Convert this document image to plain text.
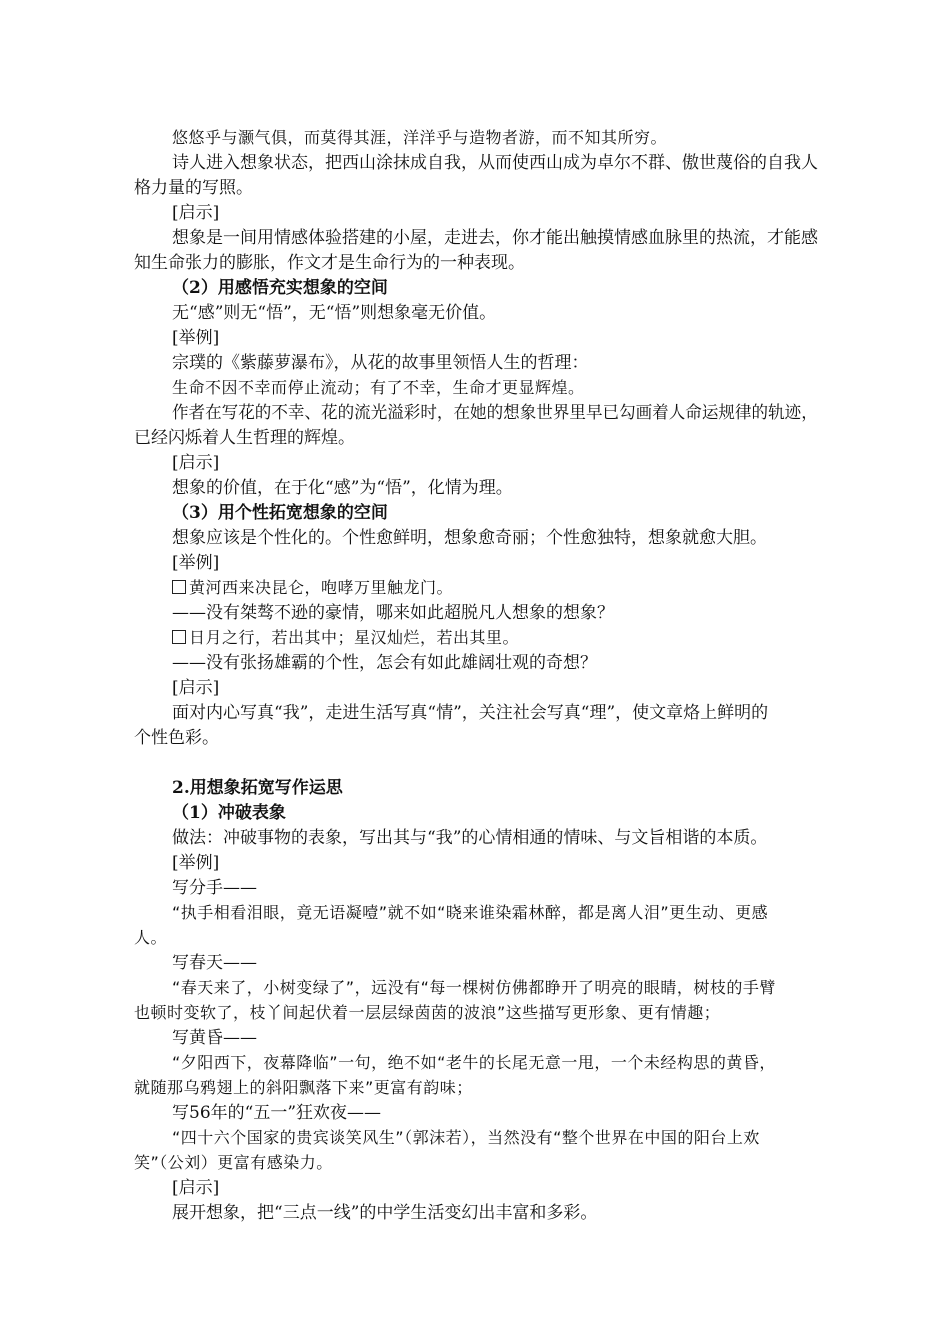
悠悠乎与灏气俱，而莫得其涯，洋洋乎与造物者游，而不知其所穷。
诗人进入想象状态，把西山涂抹成自我，从而使西山成为卓尔不群、傲世蔑俗的自我人
格力量的写照。
[启示]
想象是一间用情感体验搭建的小屋，走进去，你才能出触摸情感血脉里的热流，才能感
知生命张力的膨胀，作文才是生命行为的一种表现。
（2）用感悟充实想象的空间
无“感”则无“悟”，无“悟”则想象毫无价值。
[举例]
宗璞的《紫藤萝瀑布》，从花的故事里领悟人生的哲理：
生命不因不幸而停止流动；有了不幸，生命才更显辉煌。
作者在写花的不幸、花的流光溢彩时，在她的想象世界里早已勾画着人命运规律的轨迹，
已经闪烁着人生哲理的辉煌。
[启示]
想象的价值，在于化“感”为“悟”，化情为理。
（3）用个性拓宽想象的空间
想象应该是个性化的。个性愈鲜明，想象愈奇丽；个性愈独特，想象就愈大胆。
[举例]
黄河西来决昆仑，咆哮万里触龙门。
——没有桀骜不逊的豪情，哪来如此超脱凡人想象的想象？
日月之行，若出其中；星汉灿烂，若出其里。
——没有张扬雄霸的个性，怎会有如此雄阔壮观的奇想？
[启示]
面对内心写真“我”，走进生活写真“情”，关注社会写真“理”，使文章烙上鲜明的
个性色彩。
2.用想象拓宽写作运思
（1）冲破表象
做法：冲破事物的表象，写出其与“我”的心情相通的情味、与文旨相谐的本质。
[举例]
写分手——
“执手相看泪眼，竟无语凝噎”就不如“晓来谁染霜林醉，都是离人泪”更生动、更感
人。
写春天——
“春天来了，小树变绿了”，远没有“每一棵树仿佛都睁开了明亮的眼睛，树枝的手臂
也顿时变软了，枝丫间起伏着一层层绿茵茵的波浪”这些描写更形象、更有情趣；
写黄昏——
“夕阳西下，夜幕降临”一句，绝不如“老牛的长尾无意一甩，一个未经构思的黄昏，
就随那乌鸦翅上的斜阳飘落下来”更富有韵味；
写56年的“五一”狂欢夜——
“四十六个国家的贵宾谈笑风生”（郭沫若），当然没有“整个世界在中国的阳台上欢
笑”（公刘）更富有感染力。
[启示]
展开想象，把“三点一线”的中学生活变幻出丰富和多彩。
